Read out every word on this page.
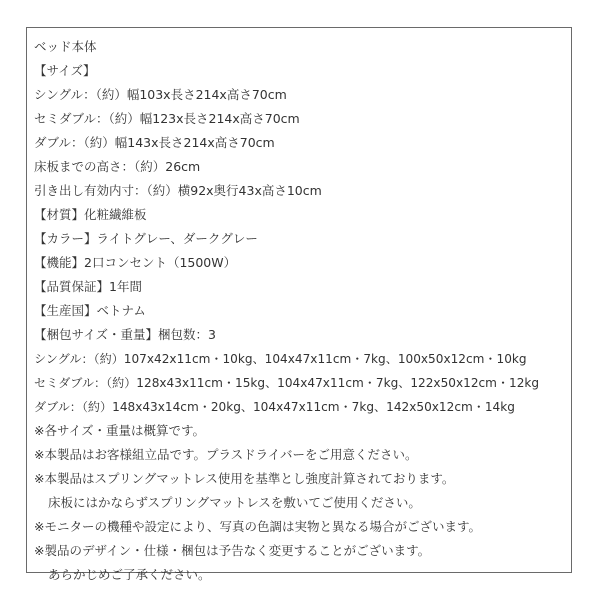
ベッド本体
【サイズ】
シングル：（約）幅103x長さ214x高さ70cm
セミダブル：（約）幅123x長さ214x高さ70cm
ダブル：（約）幅143x長さ214x高さ70cm
床板までの高さ：（約）26cm
引き出し有効内寸：（約）横92x奥行43x高さ10cm
【材質】化粧繊維板
【カラー】ライトグレー、ダークグレー
【機能】2口コンセント（1500W）
【品質保証】1年間
【生産国】ベトナム
【梱包サイズ・重量】梱包数：3
シングル：（約）107x42x11cm・10kg、104x47x11cm・7kg、100x50x12cm・10kg
セミダブル：（約）128x43x11cm・15kg、104x47x11cm・7kg、122x50x12cm・12kg
ダブル：（約）148x43x14cm・20kg、104x47x11cm・7kg、142x50x12cm・14kg
※各サイズ・重量は概算です。
※本製品はお客様組立品です。プラスドライバーをご用意ください。
※本製品はスプリングマットレス使用を基準とし強度計算されております。
床板にはかならずスプリングマットレスを敷いてご使用ください。
※モニターの機種や設定により、写真の色調は実物と異なる場合がございます。
※製品のデザイン・仕様・梱包は予告なく変更することがございます。
あらかじめご了承ください。
